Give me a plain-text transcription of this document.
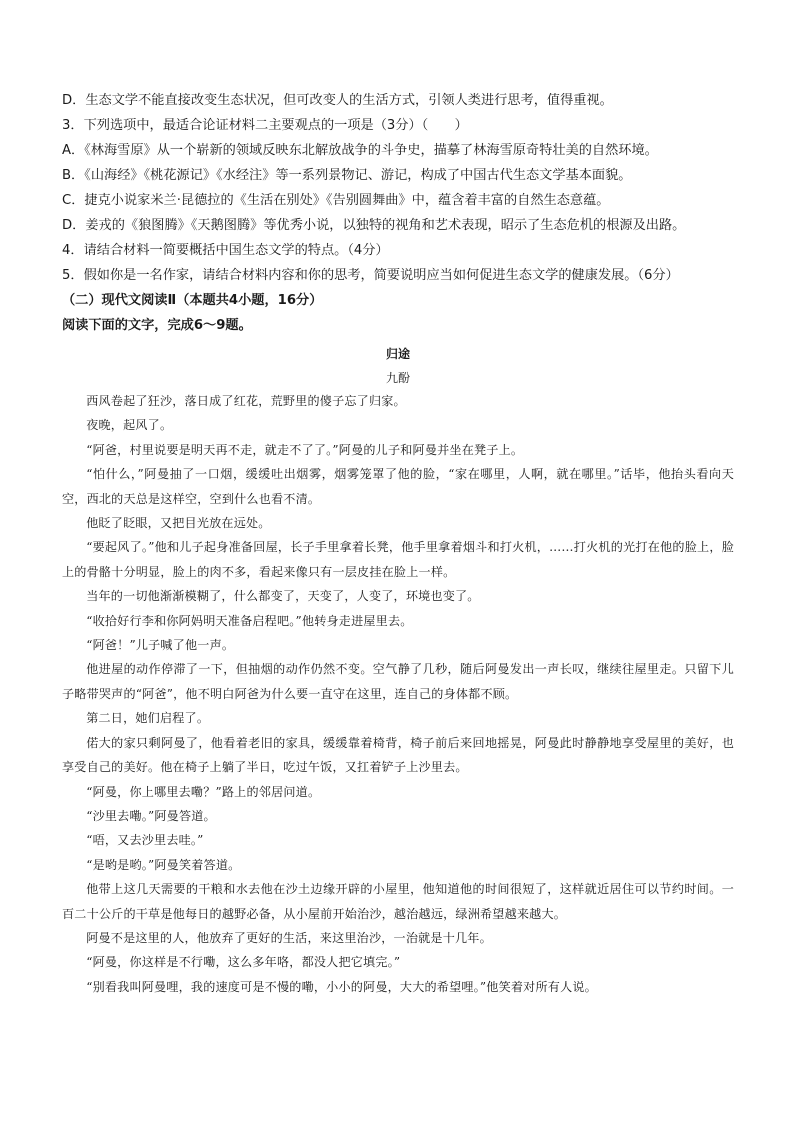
D．生态文学不能直接改变生态状况，但可改变人的生活方式，引领人类进行思考，值得重视。

3．下列选项中，最适合论证材料二主要观点的一项是（3分）（　　）

A．《林海雪原》从一个崭新的领域反映东北解放战争的斗争史，描摹了林海雪原奇特壮美的自然环境。

B．《山海经》《桃花源记》《水经注》等一系列景物记、游记，构成了中国古代生态文学基本面貌。

C．捷克小说家米兰·昆德拉的《生活在别处》《告别圆舞曲》中，蕴含着丰富的自然生态意蕴。

D．姜戎的《狼图腾》《天鹅图腾》等优秀小说，以独特的视角和艺术表现，昭示了生态危机的根源及出路。

4．请结合材料一简要概括中国生态文学的特点。（4分）

5．假如你是一名作家，请结合材料内容和你的思考，简要说明应当如何促进生态文学的健康发展。（6分）

（二）现代文阅读Ⅱ（本题共4小题，16分）

阅读下面的文字，完成6～9题。

归途

九酚

西风卷起了狂沙，落日成了红花，荒野里的傻子忘了归家。

夜晚，起风了。

“阿爸，村里说要是明天再不走，就走不了了。”阿曼的儿子和阿曼并坐在凳子上。

“怕什么，”阿曼抽了一口烟，缓缓吐出烟雾，烟雾笼罩了他的脸，“家在哪里，人啊，就在哪里。”话毕，他抬头看向天空，西北的天总是这样空，空到什么也看不清。

他眨了眨眼，又把目光放在远处。

“要起风了。”他和儿子起身准备回屋，长子手里拿着长凳，他手里拿着烟斗和打火机，……打火机的光打在他的脸上，脸上的骨骼十分明显，脸上的肉不多，看起来像只有一层皮挂在脸上一样。

当年的一切他渐渐模糊了，什么都变了，天变了，人变了，环境也变了。

“收拾好行李和你阿妈明天准备启程吧。”他转身走进屋里去。

“阿爸！”儿子喊了他一声。

他进屋的动作停滞了一下，但抽烟的动作仍然不变。空气静了几秒，随后阿曼发出一声长叹，继续往屋里走。只留下儿子略带哭声的“阿爸”，他不明白阿爸为什么要一直守在这里，连自己的身体都不顾。

第二日，她们启程了。

偌大的家只剩阿曼了，他看着老旧的家具，缓缓靠着椅背，椅子前后来回地摇晃，阿曼此时静静地享受屋里的美好，也享受自己的美好。他在椅子上躺了半日，吃过午饭，又扛着铲子上沙里去。

“阿曼，你上哪里去嘞？”路上的邻居问道。

“沙里去嘞。”阿曼答道。

“唔，又去沙里去哇。”

“是哟是哟。”阿曼笑着答道。

他带上这几天需要的干粮和水去他在沙土边缘开辟的小屋里，他知道他的时间很短了，这样就近居住可以节约时间。一百二十公斤的干草是他每日的越野必备，从小屋前开始治沙，越治越远，绿洲希望越来越大。

阿曼不是这里的人，他放弃了更好的生活，来这里治沙，一治就是十几年。

“阿曼，你这样是不行嘞，这么多年咯，都没人把它填完。”

“别看我叫阿曼哩，我的速度可是不慢的嘞，小小的阿曼，大大的希望哩。”他笑着对所有人说。
